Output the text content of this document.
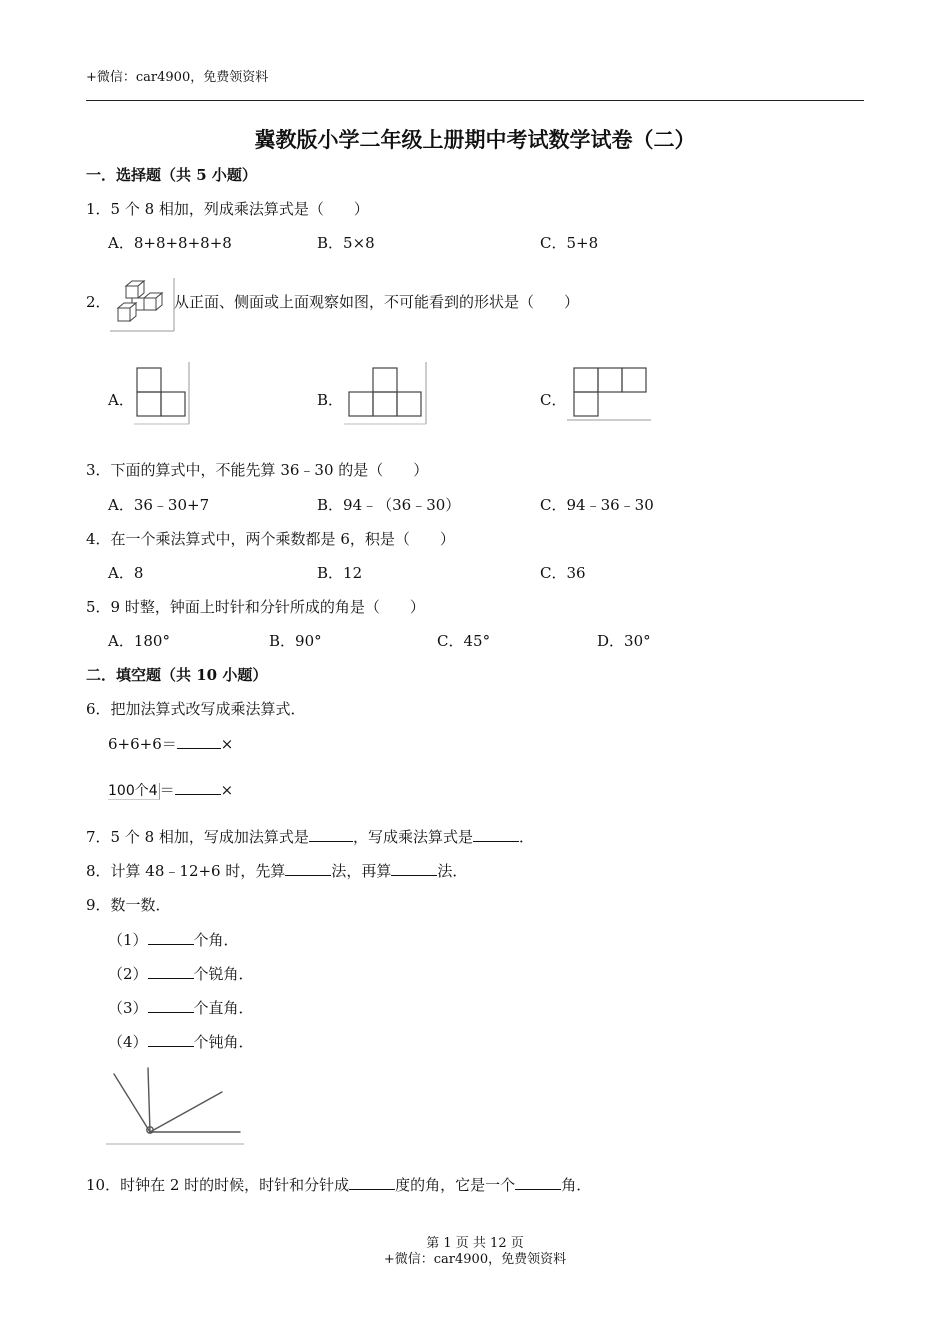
+微信：car4900，免费领资料
冀教版小学二年级上册期中考试数学试卷（二）
一．选择题（共 5 小题）
1．5 个 8 相加，列成乘法算式是（　　）
A．8+8+8+8+8	B．5×8	C．5+8
2．	从正面、侧面或上面观察如图，不可能看到的形状是（　　）
A．	B．	C．
3．下面的算式中，不能先算 36﹣30 的是（　　）
A．36﹣30+7	B．94﹣（36﹣30）	C．94﹣36﹣30
4．在一个乘法算式中，两个乘数都是 6，积是（　　）
A．8	B．12	C．36
5．9 时整，钟面上时针和分针所成的角是（　　）
A．180°	B．90°	C．45°	D．30°
二．填空题（共 10 小题）
6．把加法算式改写成乘法算式．
6+6+6＝	×
100个4 ＝	×
7．5 个 8 相加，写成加法算式是	，写成乘法算式是	．
8．计算 48﹣12+6 时，先算	法，再算	法．
9．数一数．
（1）	个角．
（2）	个锐角．
（3）	个直角．
（4）	个钝角．
10．时钟在 2 时的时候，时针和分针成	度的角，它是一个	角．
第 1 页 共 12 页
+微信：car4900，免费领资料
